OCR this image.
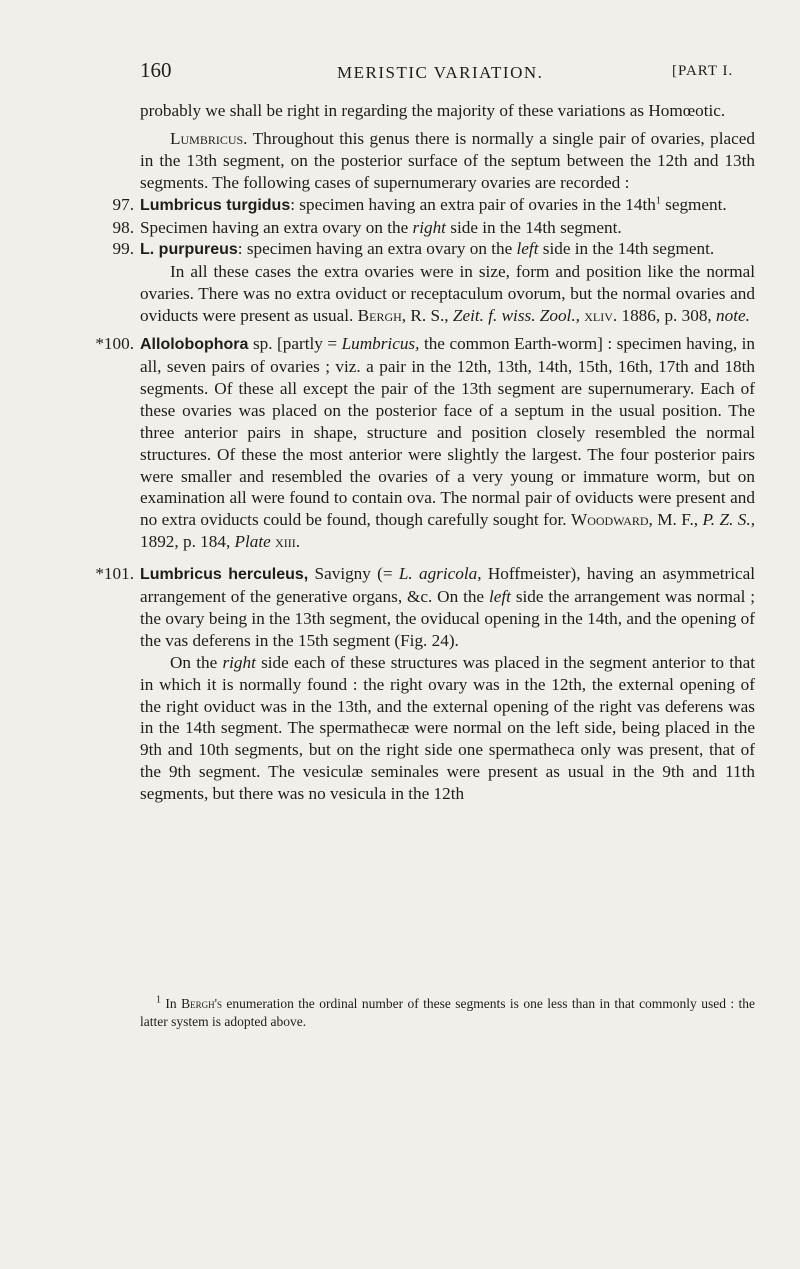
160	MERISTIC VARIATION.	[PART I.

probably we shall be right in regarding the majority of these variations as Homœotic.

Lumbricus. Throughout this genus there is normally a single pair of ovaries, placed in the 13th segment, on the posterior surface of the septum between the 12th and 13th segments. The following cases of supernumerary ovaries are recorded :

97. Lumbricus turgidus: specimen having an extra pair of ovaries in the $14th^1$ segment.

98. Specimen having an extra ovary on the right side in the 14th segment.

99. L. purpureus: specimen having an extra ovary on the left side in the 14th segment.

In all these cases the extra ovaries were in size, form and position like the normal ovaries. There was no extra oviduct or receptaculum ovorum, but the normal ovaries and oviducts were present as usual. Bergh, R. S., Zeit. f. wiss. Zool., xliv. 1886, p. 308, note.

*100. Allolobophora sp. [partly = Lumbricus, the common Earth-worm] : specimen having, in all, seven pairs of ovaries ; viz. a pair in the 12th, 13th, 14th, 15th, 16th, 17th and 18th segments. Of these all except the pair of the 13th segment are supernumerary. Each of these ovaries was placed on the posterior face of a septum in the usual position. The three anterior pairs in shape, structure and position closely resembled the normal structures. Of these the most anterior were slightly the largest. The four posterior pairs were smaller and resembled the ovaries of a very young or immature worm, but on examination all were found to contain ova. The normal pair of oviducts were present and no extra oviducts could be found, though carefully sought for. Woodward, M. F., P. Z. S., 1892, p. 184, Plate xiii.

*101. Lumbricus herculeus, Savigny (= L. agricola, Hoffmeister), having an asymmetrical arrangement of the generative organs, &c. On the left side the arrangement was normal ; the ovary being in the 13th segment, the oviducal opening in the 14th, and the opening of the vas deferens in the 15th segment (Fig. 24).

On the right side each of these structures was placed in the segment anterior to that in which it is normally found : the right ovary was in the 12th, the external opening of the right oviduct was in the 13th, and the external opening of the right vas deferens was in the 14th segment. The spermathecæ were normal on the left side, being placed in the 9th and 10th segments, but on the right side one spermatheca only was present, that of the 9th segment. The vesiculæ seminales were present as usual in the 9th and 11th segments, but there was no vesicula in the 12th

$^1$ In Bergh's enumeration the ordinal number of these segments is one less than in that commonly used : the latter system is adopted above.
